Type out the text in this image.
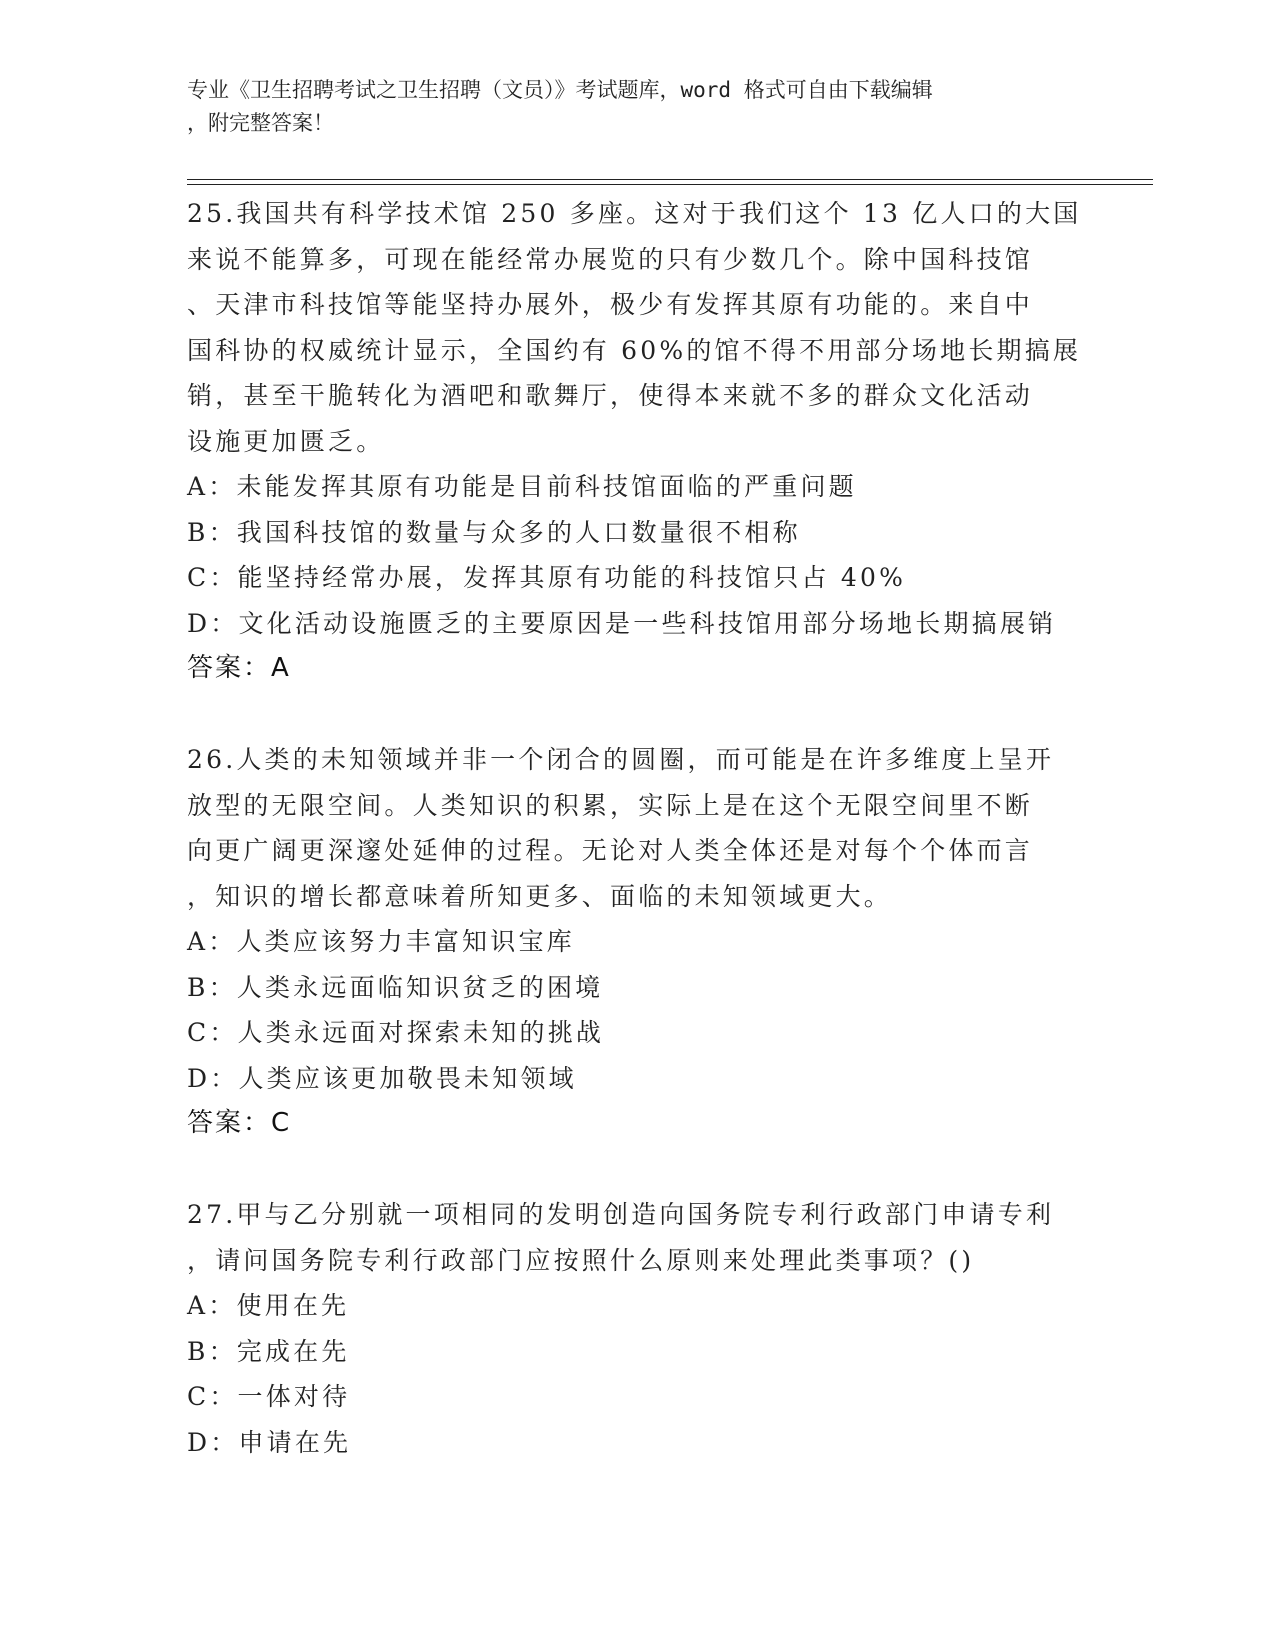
专业《卫生招聘考试之卫生招聘（文员）》考试题库，word 格式可自由下载编辑
，附完整答案！
25.我国共有科学技术馆 250 多座。这对于我们这个 13 亿人口的大国
来说不能算多，可现在能经常办展览的只有少数几个。除中国科技馆
、天津市科技馆等能坚持办展外，极少有发挥其原有功能的。来自中
国科协的权威统计显示，全国约有 60%的馆不得不用部分场地长期搞展
销，甚至干脆转化为酒吧和歌舞厅，使得本来就不多的群众文化活动
设施更加匮乏。
A：未能发挥其原有功能是目前科技馆面临的严重问题
B：我国科技馆的数量与众多的人口数量很不相称
C：能坚持经常办展，发挥其原有功能的科技馆只占 40%
D：文化活动设施匮乏的主要原因是一些科技馆用部分场地长期搞展销
答案：A
26.人类的未知领域并非一个闭合的圆圈，而可能是在许多维度上呈开
放型的无限空间。人类知识的积累，实际上是在这个无限空间里不断
向更广阔更深邃处延伸的过程。无论对人类全体还是对每个个体而言
，知识的增长都意味着所知更多、面临的未知领域更大。
A：人类应该努力丰富知识宝库
B：人类永远面临知识贫乏的困境
C：人类永远面对探索未知的挑战
D：人类应该更加敬畏未知领域
答案：C
27.甲与乙分别就一项相同的发明创造向国务院专利行政部门申请专利
，请问国务院专利行政部门应按照什么原则来处理此类事项？()
A：使用在先
B：完成在先
C：一体对待
D：申请在先
